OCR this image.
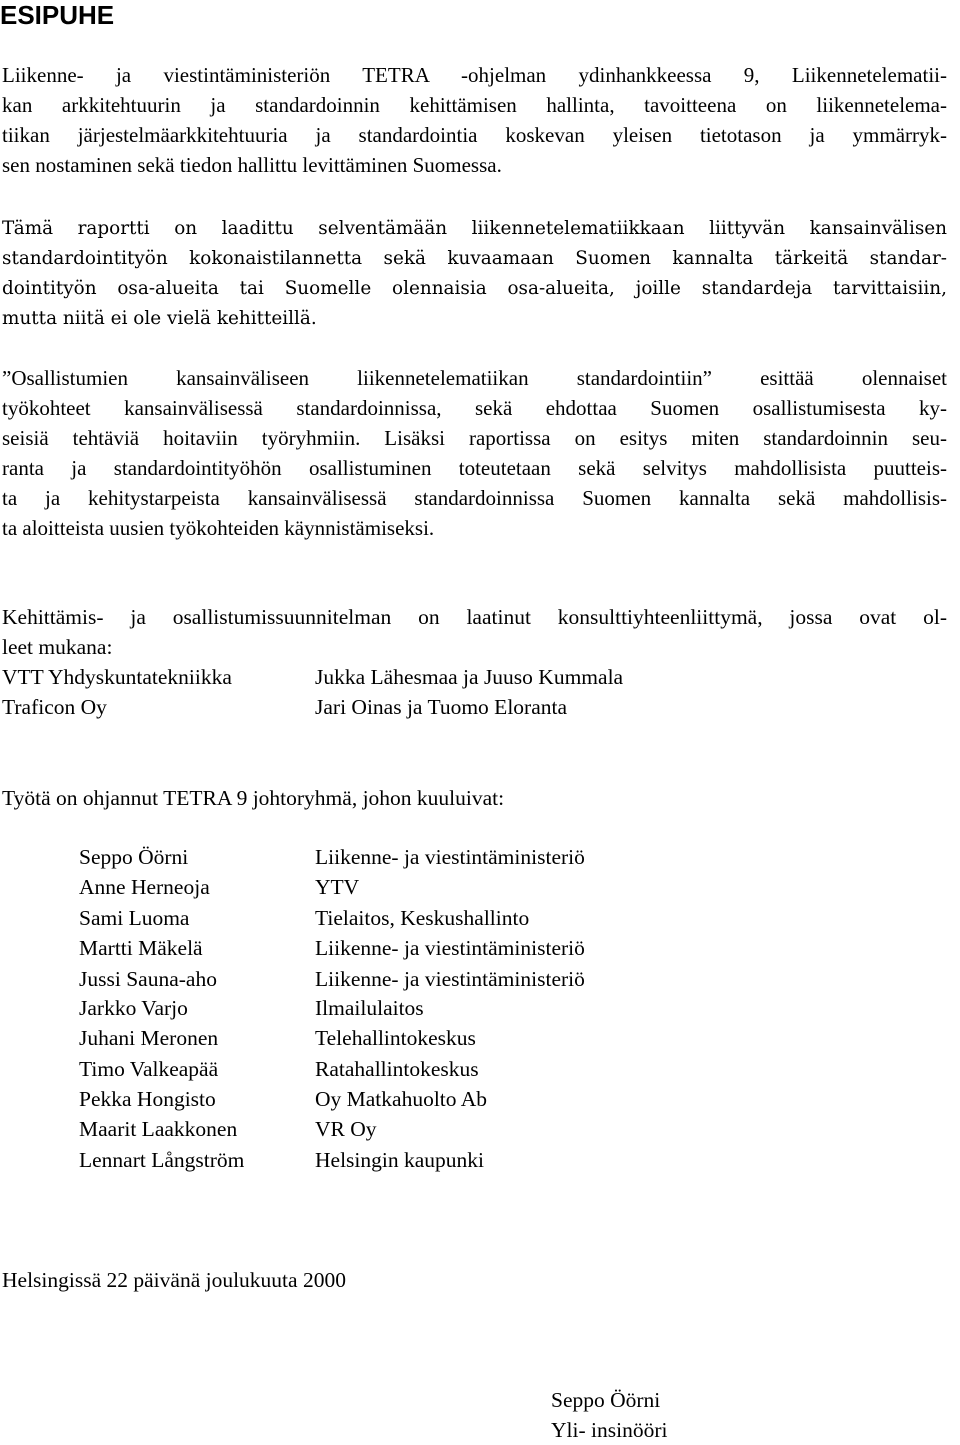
ESIPUHE

Liikenne- ja viestintäministeriön TETRA -ohjelman ydinhankkeessa 9, Liikennetelematii-
kan arkkitehtuurin ja standardoinnin kehittämisen hallinta, tavoitteena on liikennetelema-
tiikan järjestelmäarkkitehtuuria ja standardointia koskevan yleisen tietotason ja ymmärryk-
sen nostaminen sekä tiedon hallittu levittäminen Suomessa.

Tämä raportti on laadittu selventämään liikennetelematiikkaan liittyvän kansainvälisen
standardointityön kokonaistilannetta sekä kuvaamaan Suomen kannalta tärkeitä standar-
dointityön osa-alueita tai Suomelle olennaisia osa-alueita, joille standardeja tarvittaisiin,
mutta niitä ei ole vielä kehitteillä.

”Osallistumien kansainväliseen liikennetelematiikan standardointiin” esittää olennaiset
työkohteet kansainvälisessä standardoinnissa, sekä ehdottaa Suomen osallistumisesta ky-
seisiä tehtäviä hoitaviin työryhmiin. Lisäksi raportissa on esitys miten standardoinnin seu-
ranta ja standardointityöhön osallistuminen toteutetaan sekä selvitys mahdollisista puutteis-
ta ja kehitystarpeista kansainvälisessä standardoinnissa Suomen kannalta sekä mahdollisis-
ta aloitteista uusien työkohteiden käynnistämiseksi.

Kehittämis- ja osallistumissuunnitelman on laatinut konsulttiyhteenliittymä, jossa ovat ol-
leet mukana:

VTT Yhdyskuntatekniikka	Jukka Lähesmaa ja Juuso Kummala
Traficon Oy	Jari Oinas ja Tuomo Eloranta
Työtä on ohjannut TETRA 9 johtoryhmä, johon kuuluivat:
Seppo Öörni	Liikenne- ja viestintäministeriö
Anne Herneoja	YTV
Sami Luoma	Tielaitos, Keskushallinto
Martti Mäkelä	Liikenne- ja viestintäministeriö
Jussi Sauna-aho	Liikenne- ja viestintäministeriö
Jarkko Varjo	Ilmailulaitos
Juhani Meronen	Telehallintokeskus
Timo Valkeapää	Ratahallintokeskus
Pekka Hongisto	Oy Matkahuolto Ab
Maarit Laakkonen	VR Oy
Lennart Långström	Helsingin kaupunki
Helsingissä 22 päivänä joulukuuta 2000
Seppo Öörni
Yli- insinööri
